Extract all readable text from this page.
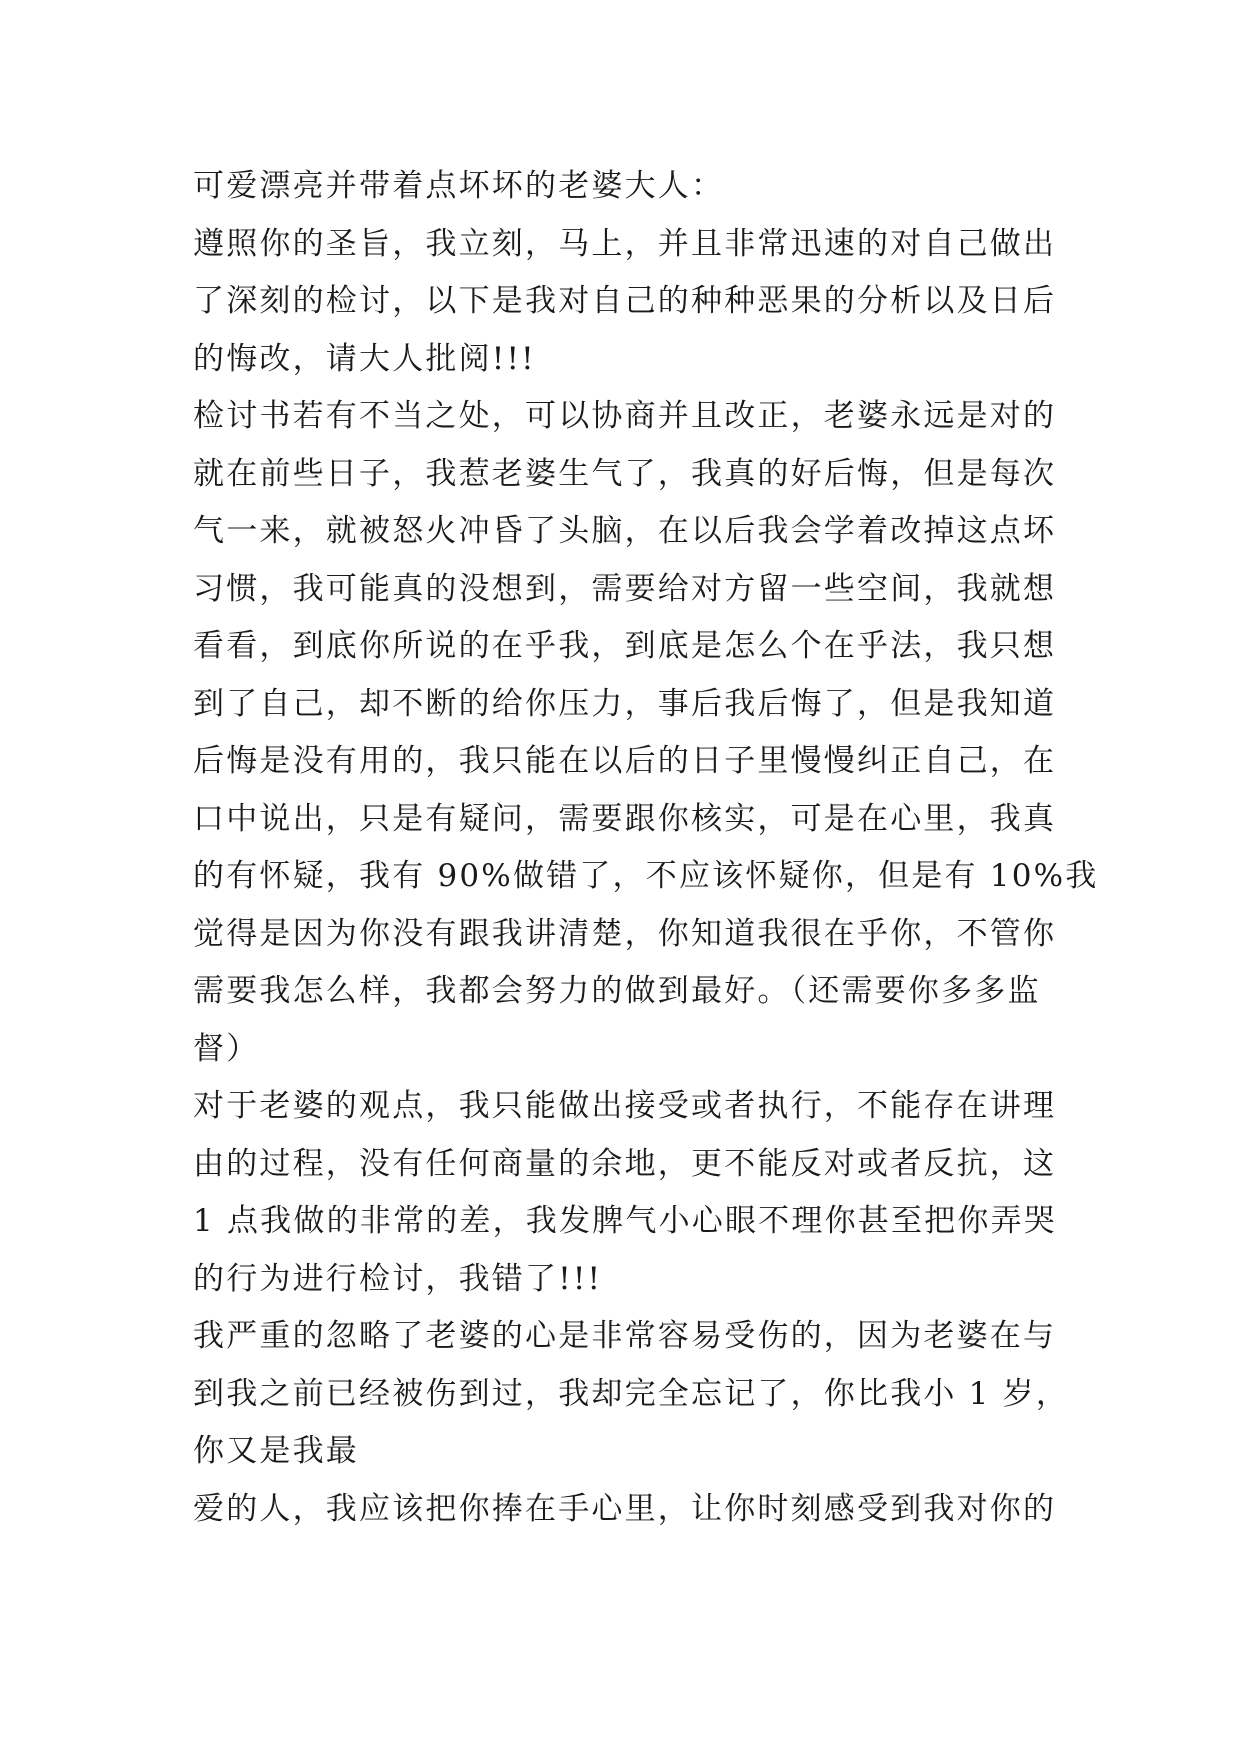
可爱漂亮并带着点坏坏的老婆大人：
遵照你的圣旨，我立刻，马上，并且非常迅速的对自己做出
了深刻的检讨，以下是我对自己的种种恶果的分析以及日后
的悔改，请大人批阅!!!
检讨书若有不当之处，可以协商并且改正，老婆永远是对的
就在前些日子，我惹老婆生气了，我真的好后悔，但是每次
气一来，就被怒火冲昏了头脑，在以后我会学着改掉这点坏
习惯，我可能真的没想到，需要给对方留一些空间，我就想
看看，到底你所说的在乎我，到底是怎么个在乎法，我只想
到了自己，却不断的给你压力，事后我后悔了，但是我知道
后悔是没有用的，我只能在以后的日子里慢慢纠正自己，在
口中说出，只是有疑问，需要跟你核实，可是在心里，我真
的有怀疑，我有 90%做错了，不应该怀疑你，但是有 10%我
觉得是因为你没有跟我讲清楚，你知道我很在乎你，不管你
需要我怎么样，我都会努力的做到最好。（还需要你多多监
督）
对于老婆的观点，我只能做出接受或者执行，不能存在讲理
由的过程，没有任何商量的余地，更不能反对或者反抗，这
1 点我做的非常的差，我发脾气小心眼不理你甚至把你弄哭
的行为进行检讨，我错了!!!
我严重的忽略了老婆的心是非常容易受伤的，因为老婆在与
到我之前已经被伤到过，我却完全忘记了，你比我小 1 岁，
你又是我最
爱的人，我应该把你捧在手心里，让你时刻感受到我对你的
